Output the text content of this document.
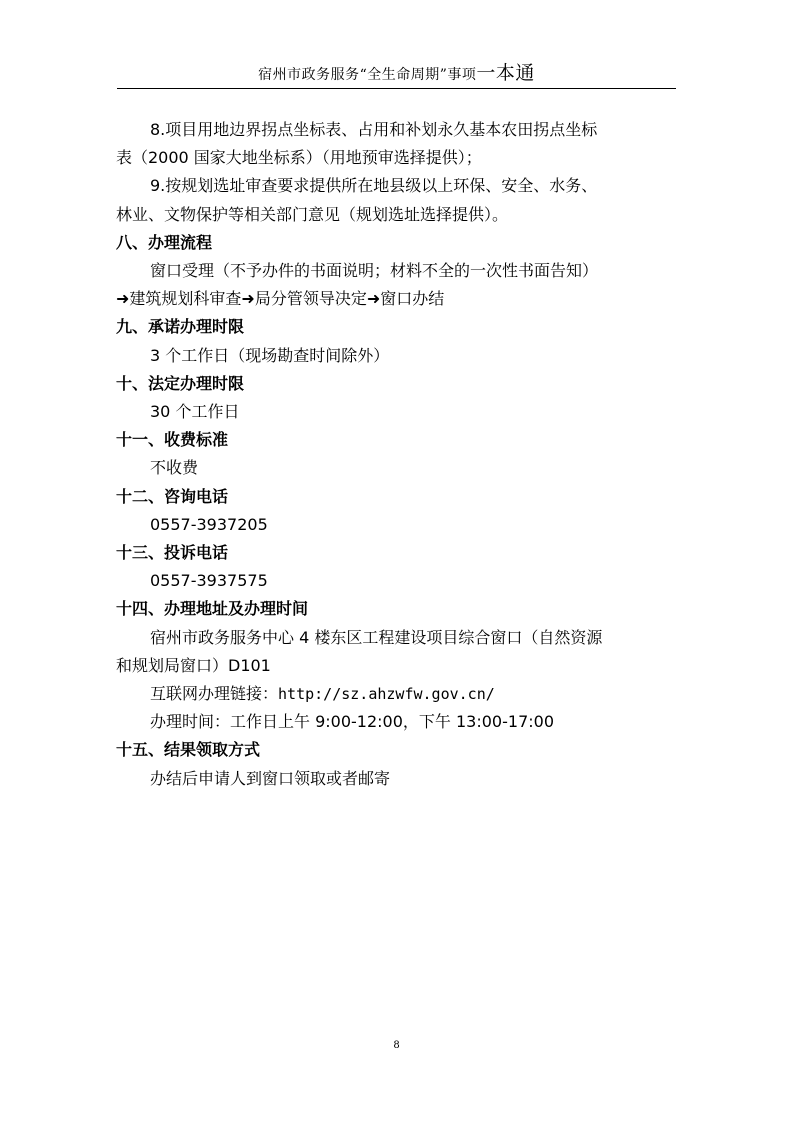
宿州市政务服务“全生命周期”事项一本通

8.项目用地边界拐点坐标表、占用和补划永久基本农田拐点坐标

表（2000 国家大地坐标系）（用地预审选择提供）；

9.按规划选址审查要求提供所在地县级以上环保、安全、水务、

林业、文物保护等相关部门意见（规划选址选择提供）。

八、办理流程

窗口受理（不予办件的书面说明；材料不全的一次性书面告知）

➜建筑规划科审查➜局分管领导决定➜窗口办结

九、承诺办理时限

3 个工作日（现场勘查时间除外）

十、法定办理时限

30 个工作日

十一、收费标准

不收费

十二、咨询电话

0557-3937205

十三、投诉电话

0557-3937575

十四、办理地址及办理时间

宿州市政务服务中心 4 楼东区工程建设项目综合窗口（自然资源

和规划局窗口）D101

互联网办理链接：http://sz.ahzwfw.gov.cn/

办理时间：工作日上午 9:00-12:00，下午 13:00-17:00

十五、结果领取方式

办结后申请人到窗口领取或者邮寄

8
